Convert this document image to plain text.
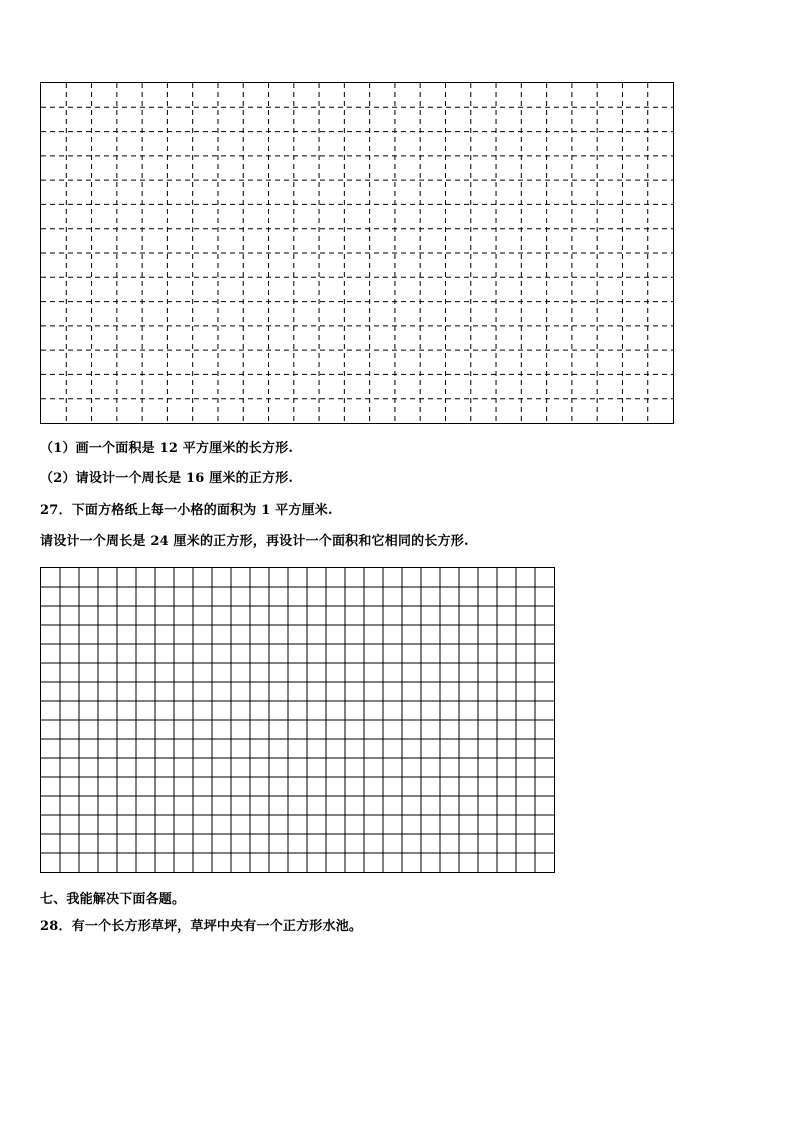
（1）画一个面积是 12 平方厘米的长方形.
（2）请设计一个周长是 16 厘米的正方形.
27．下面方格纸上每一小格的面积为 1 平方厘米.
请设计一个周长是 24 厘米的正方形，再设计一个面积和它相同的长方形.
七、我能解决下面各题。
28．有一个长方形草坪，草坪中央有一个正方形水池。
